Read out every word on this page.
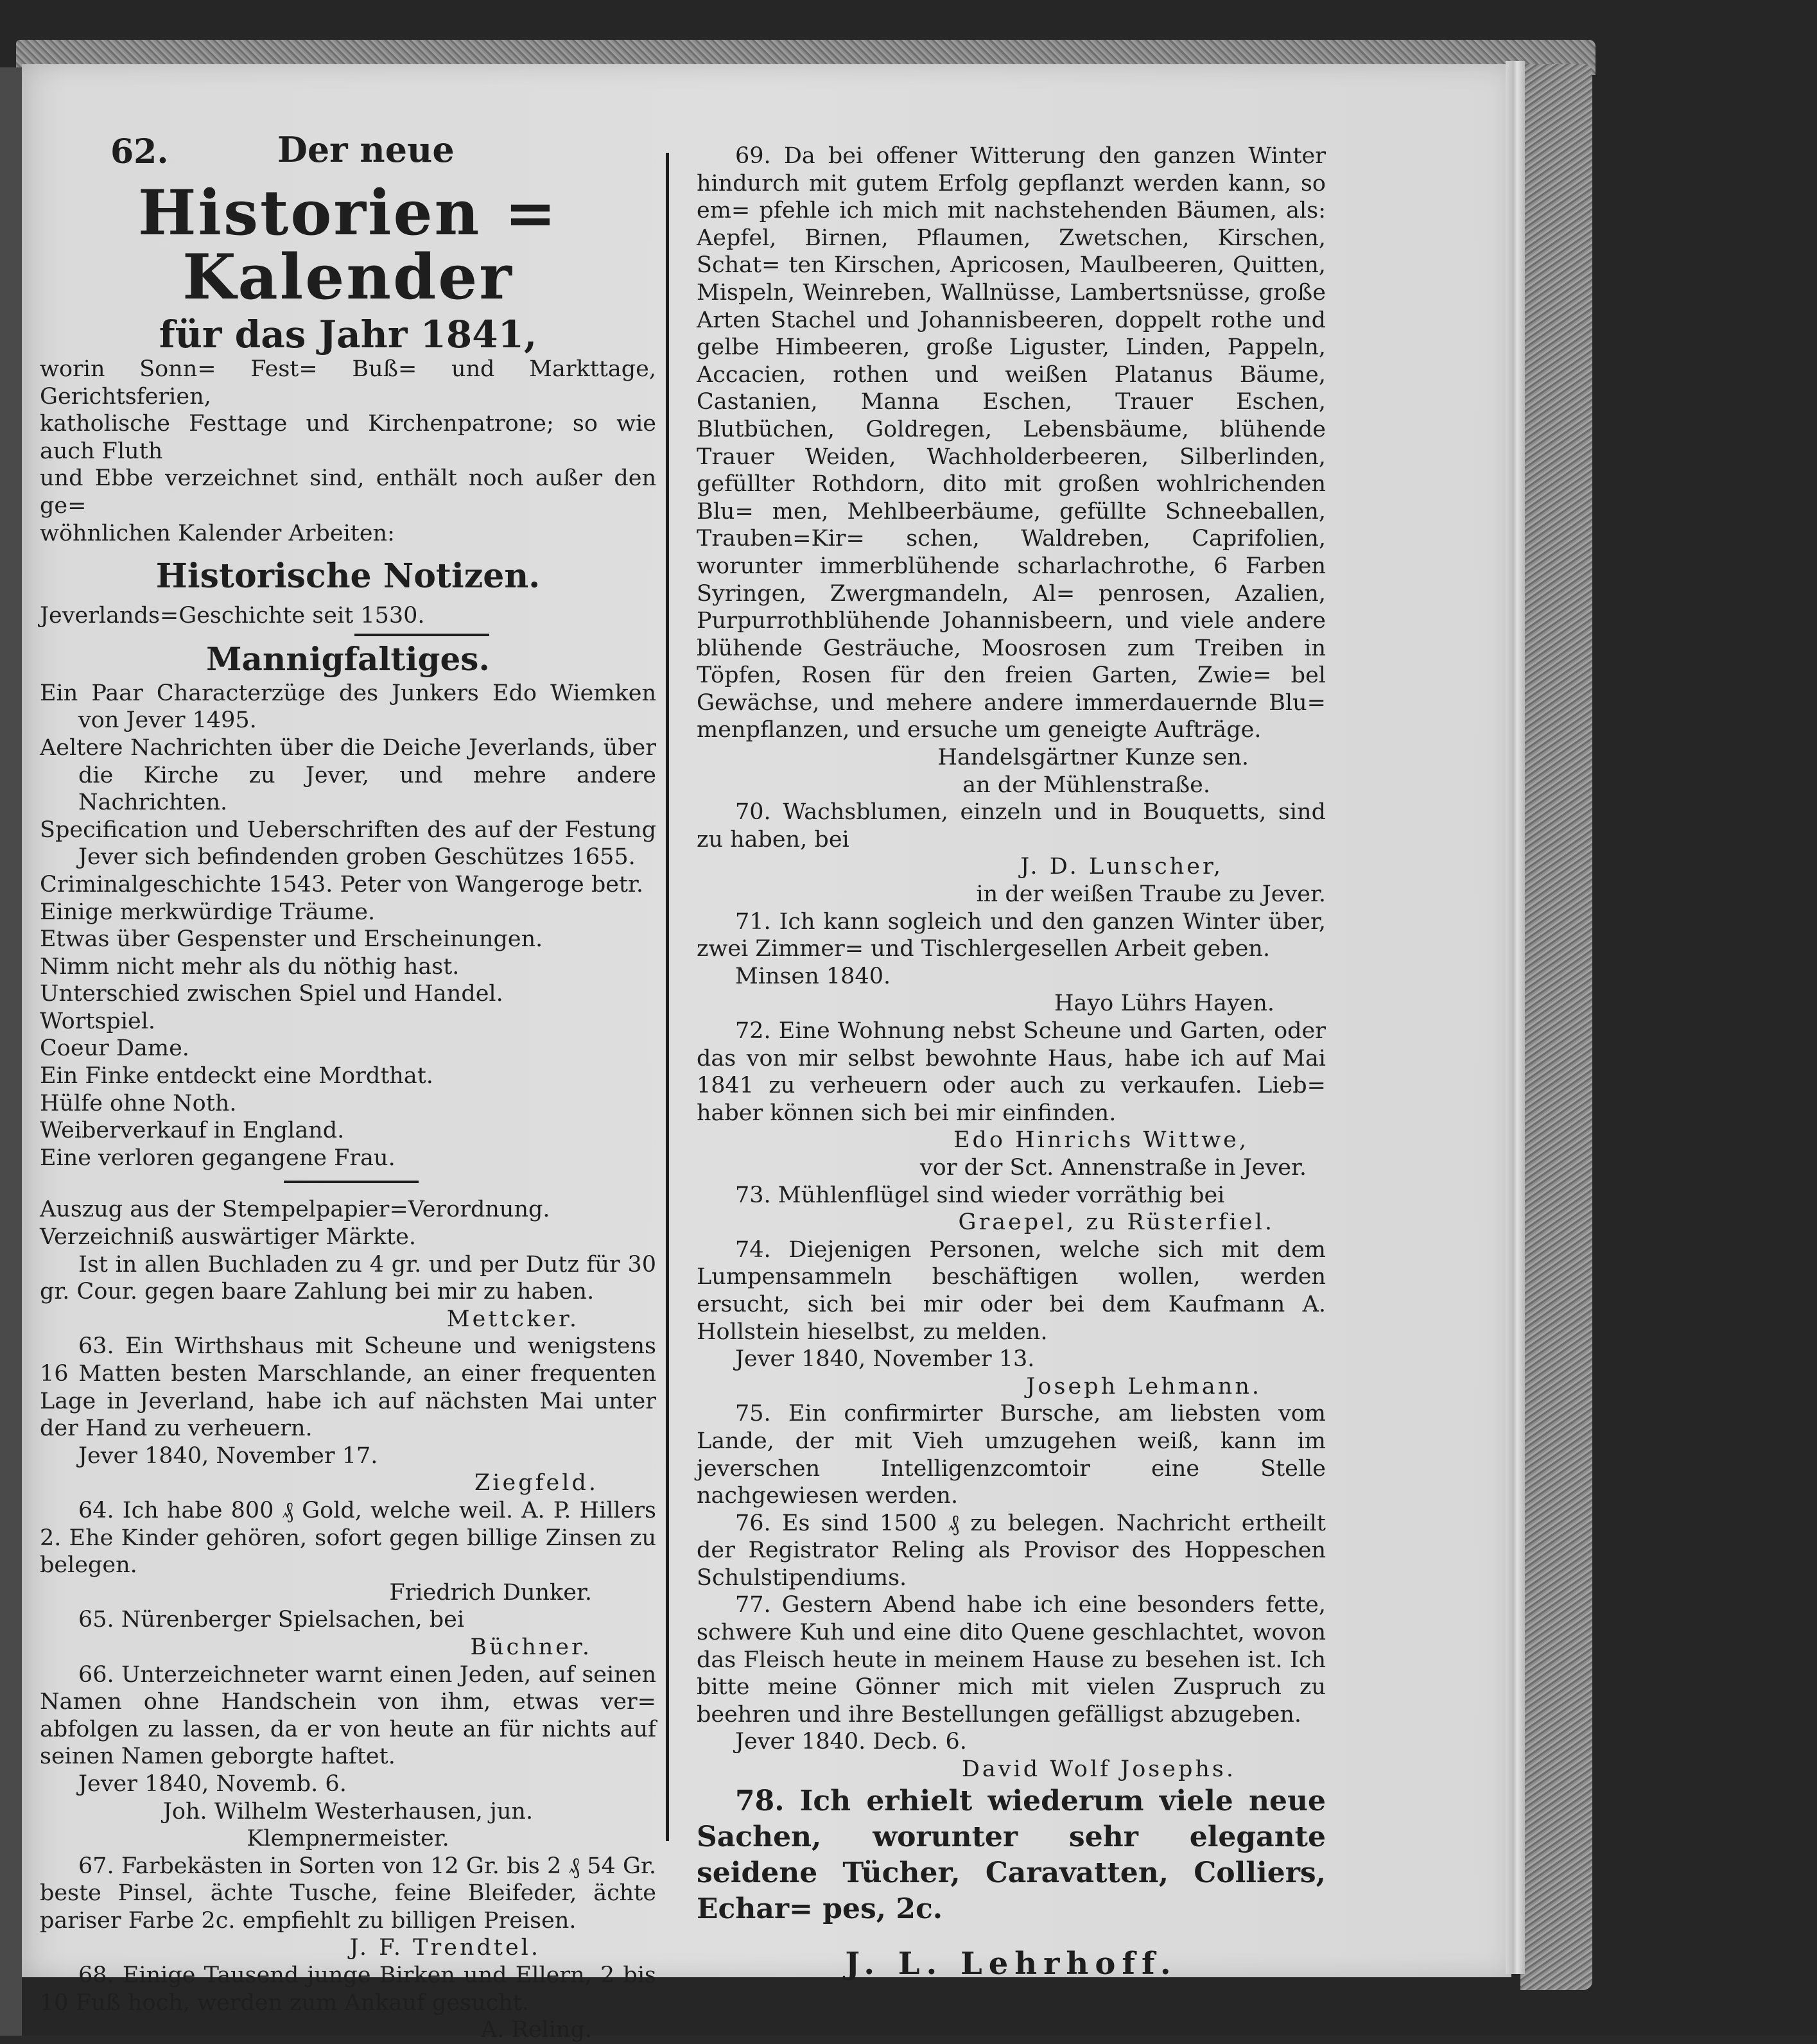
62.	Der neue

Historien = Kalender

für das Jahr 1841,

worin Sonn= Fest= Buß= und Markttage, Gerichtsferien,

katholische Festtage und Kirchenpatrone; so wie auch Fluth

und Ebbe verzeichnet sind, enthält noch außer den ge=

wöhnlichen Kalender Arbeiten:

Historische Notizen.

Jeverlands=Geschichte seit 1530.

Mannigfaltiges.

Ein Paar Characterzüge des Junkers Edo Wiemken von Jever 1495.

Aeltere Nachrichten über die Deiche Jeverlands, über die Kirche zu Jever, und mehre andere Nachrichten.

Specification und Ueberschriften des auf der Festung Jever sich befindenden groben Geschützes 1655.

Criminalgeschichte 1543. Peter von Wangeroge betr.

Einige merkwürdige Träume.

Etwas über Gespenster und Erscheinungen.

Nimm nicht mehr als du nöthig hast.

Unterschied zwischen Spiel und Handel.

Wortspiel.

Coeur Dame.

Ein Finke entdeckt eine Mordthat.

Hülfe ohne Noth.

Weiberverkauf in England.

Eine verloren gegangene Frau.

Auszug aus der Stempelpapier=Verordnung.

Verzeichniß auswärtiger Märkte.

Ist in allen Buchladen zu 4 gr. und per Dutz für 30 gr. Cour. gegen baare Zahlung bei mir zu haben.

Mettcker.

63. Ein Wirthshaus mit Scheune und wenigstens 16 Matten besten Marschlande, an einer frequenten Lage in Jeverland, habe ich auf nächsten Mai unter der Hand zu verheuern.

Jever 1840, November 17.

Ziegfeld.

64. Ich habe 800 ₰ Gold, welche weil. A. P. Hillers 2. Ehe Kinder gehören, sofort gegen billige Zinsen zu belegen.

Friedrich Dunker.

65. Nürenberger Spielsachen, bei

Büchner.

66. Unterzeichneter warnt einen Jeden, auf seinen Namen ohne Handschein von ihm, etwas ver= abfolgen zu lassen, da er von heute an für nichts auf seinen Namen geborgte haftet.

Jever 1840, Novemb. 6.

Joh. Wilhelm Westerhausen, jun.

Klempnermeister.

67. Farbekästen in Sorten von 12 Gr. bis 2 ₰ 54 Gr. beste Pinsel, ächte Tusche, feine Bleifeder, ächte pariser Farbe 2c. empfiehlt zu billigen Preisen.

J. F. Trendtel.

68. Einige Tausend junge Birken und Ellern, 2 bis 10 Fuß hoch, werden zum Ankauf gesucht.

A. Reling.

69. Da bei offener Witterung den ganzen Winter hindurch mit gutem Erfolg gepflanzt werden kann, so em= pfehle ich mich mit nachstehenden Bäumen, als: Aepfel, Birnen, Pflaumen, Zwetschen, Kirschen, Schat= ten Kirschen, Apricosen, Maulbeeren, Quitten, Mispeln, Weinreben, Wallnüsse, Lambertsnüsse, große Arten Stachel und Johannisbeeren, doppelt rothe und gelbe Himbeeren, große Liguster, Linden, Pappeln, Accacien, rothen und weißen Platanus Bäume, Castanien, Manna Eschen, Trauer Eschen, Blutbüchen, Goldregen, Lebensbäume, blühende Trauer Weiden, Wachholderbeeren, Silberlinden, gefüllter Rothdorn, dito mit großen wohlrichenden Blu= men, Mehlbeerbäume, gefüllte Schneeballen, Trauben=Kir= schen, Waldreben, Caprifolien, worunter immerblühende scharlachrothe, 6 Farben Syringen, Zwergmandeln, Al= penrosen, Azalien, Purpurrothblühende Johannisbeern, und viele andere blühende Gesträuche, Moosrosen zum Treiben in Töpfen, Rosen für den freien Garten, Zwie= bel Gewächse, und mehere andere immerdauernde Blu= menpflanzen, und ersuche um geneigte Aufträge.

Handelsgärtner Kunze sen.

an der Mühlenstraße.

70. Wachsblumen, einzeln und in Bouquetts, sind zu haben, bei

J. D. Lunscher,

in der weißen Traube zu Jever.

71. Ich kann sogleich und den ganzen Winter über, zwei Zimmer= und Tischlergesellen Arbeit geben.

Minsen 1840.

Hayo Lührs Hayen.

72. Eine Wohnung nebst Scheune und Garten, oder das von mir selbst bewohnte Haus, habe ich auf Mai 1841 zu verheuern oder auch zu verkaufen. Lieb= haber können sich bei mir einfinden.

Edo Hinrichs Wittwe,

vor der Sct. Annenstraße in Jever.

73. Mühlenflügel sind wieder vorräthig bei

Graepel, zu Rüsterfiel.

74. Diejenigen Personen, welche sich mit dem Lumpensammeln beschäftigen wollen, werden ersucht, sich bei mir oder bei dem Kaufmann A. Hollstein hieselbst, zu melden.

Jever 1840, November 13.

Joseph Lehmann.

75. Ein confirmirter Bursche, am liebsten vom Lande, der mit Vieh umzugehen weiß, kann im jeverschen Intelligenzcomtoir eine Stelle nachgewiesen werden.

76. Es sind 1500 ₰ zu belegen. Nachricht ertheilt der Registrator Reling als Provisor des Hoppeschen Schulstipendiums.

77. Gestern Abend habe ich eine besonders fette, schwere Kuh und eine dito Quene geschlachtet, wovon das Fleisch heute in meinem Hause zu besehen ist. Ich bitte meine Gönner mich mit vielen Zuspruch zu beehren und ihre Bestellungen gefälligst abzugeben.

Jever 1840. Decb. 6.

David Wolf Josephs.

78. Ich erhielt wiederum viele neue Sachen, worunter sehr elegante seidene Tücher, Caravatten, Colliers, Echar= pes, 2c.

J. L. Lehrhoff.
